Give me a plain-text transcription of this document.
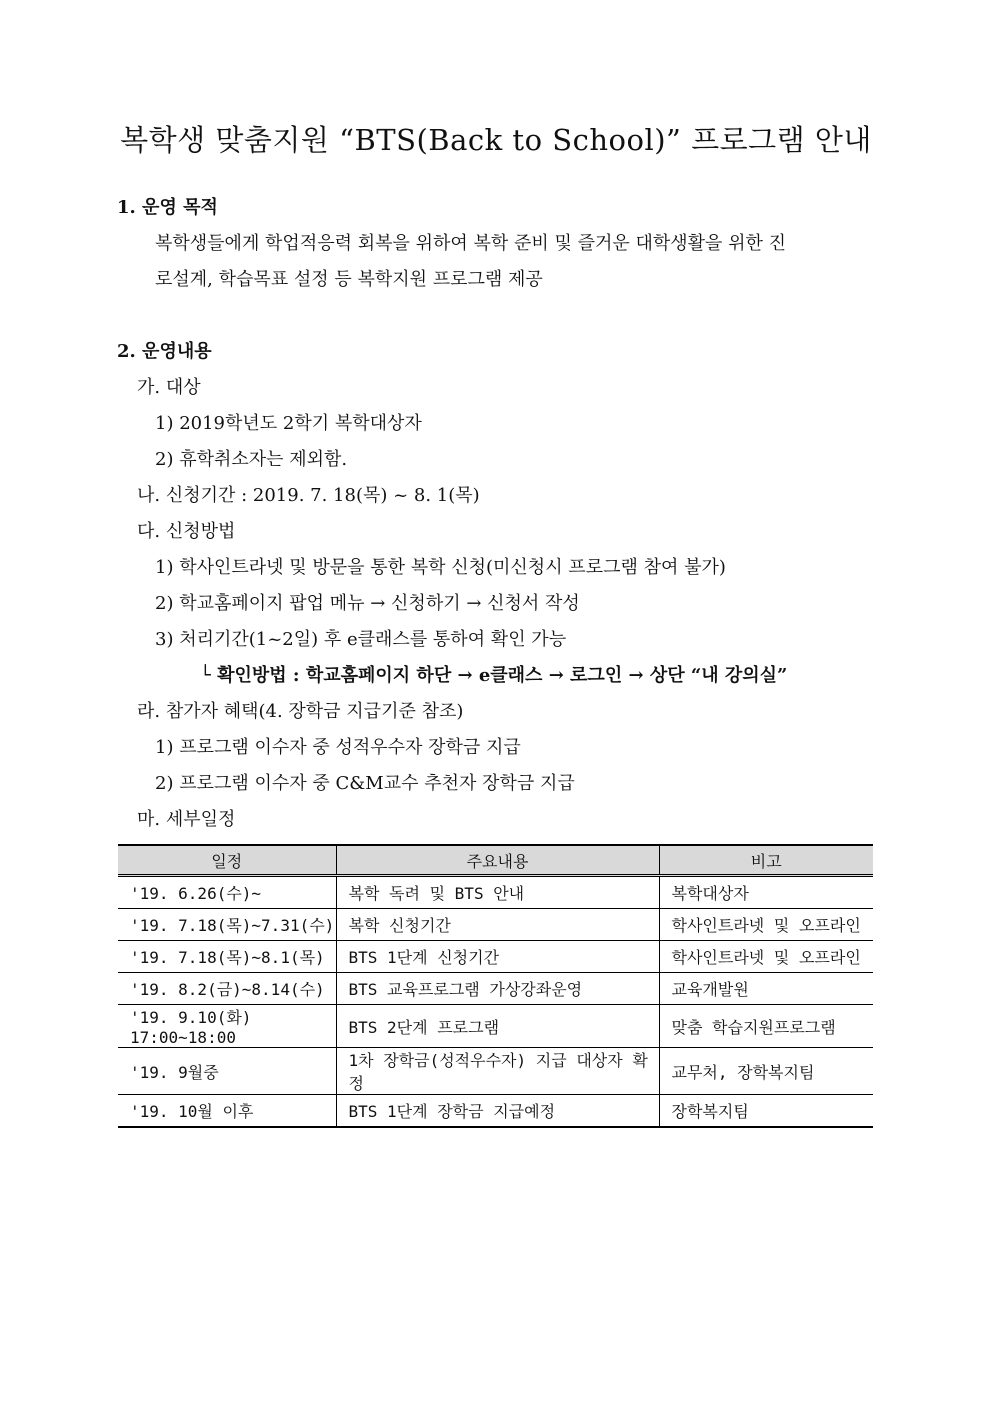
복학생 맞춤지원 “BTS(Back to School)” 프로그램 안내
1. 운영 목적
복학생들에게 학업적응력 회복을 위하여 복학 준비 및 즐거운 대학생활을 위한 진
로설계, 학습목표 설정 등 복학지원 프로그램 제공
2. 운영내용
가. 대상
1) 2019학년도 2학기 복학대상자
2) 휴학취소자는 제외함.
나. 신청기간 : 2019. 7. 18(목) ~ 8. 1(목)
다. 신청방법
1) 학사인트라넷 및 방문을 통한 복학 신청(미신청시 프로그램 참여 불가)
2) 학교홈페이지 팝업 메뉴 → 신청하기 → 신청서 작성
3) 처리기간(1~2일) 후 e클래스를 통하여 확인 가능
└ 확인방법 : 학교홈페이지 하단 → e클래스 → 로그인 → 상단 “내 강의실”
라. 참가자 혜택(4. 장학금 지급기준 참조)
1) 프로그램 이수자 중 성적우수자 장학금 지급
2) 프로그램 이수자 중 C&M교수 추천자 장학금 지급
마. 세부일정
일정	주요내용	비고
'19. 6.26(수)~	복학 독려 및 BTS 안내	복학대상자
'19. 7.18(목)~7.31(수)	복학 신청기간	학사인트라넷 및 오프라인
'19. 7.18(목)~8.1(목)	BTS 1단계 신청기간	학사인트라넷 및 오프라인
'19. 8.2(금)~8.14(수)	BTS 교육프로그램 가상강좌운영	교육개발원
'19. 9.10(화) 17:00~18:00	BTS 2단계 프로그램	맞춤 학습지원프로그램
'19. 9월중	1차 장학금(성적우수자) 지급 대상자 확정	교무처, 장학복지팀
'19. 10월 이후	BTS 1단계 장학금 지급예정	장학복지팀
